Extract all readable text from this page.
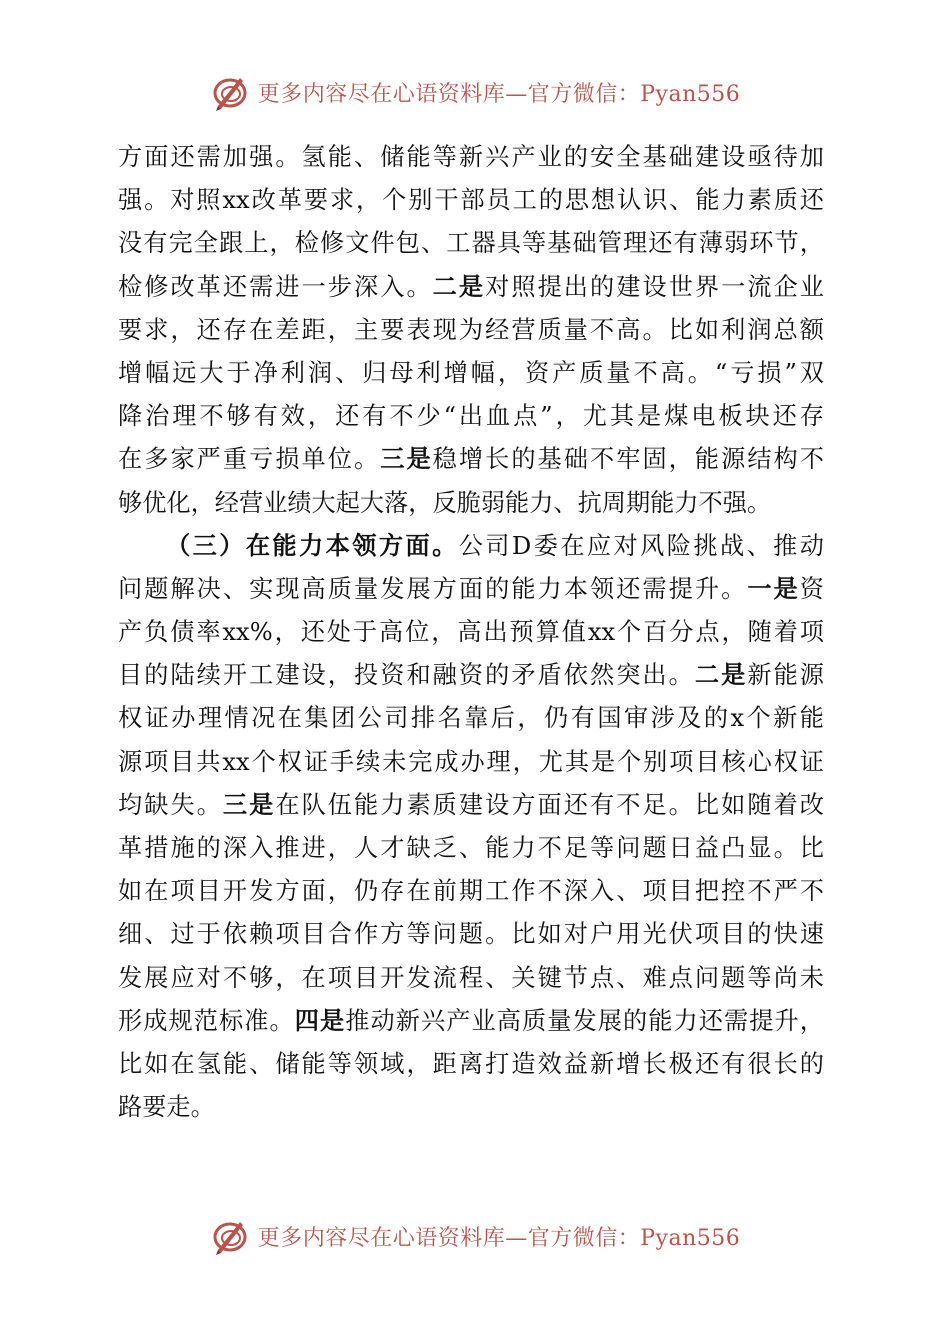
更多内容尽在心语资料库—官方微信：Pyan556
方面还需加强。氢能、储能等新兴产业的安全基础建设亟待加
强。对照xx改革要求，个别干部员工的思想认识、能力素质还
没有完全跟上，检修文件包、工器具等基础管理还有薄弱环节，
检修改革还需进一步深入。二是对照提出的建设世界一流企业
要求，还存在差距，主要表现为经营质量不高。比如利润总额
增幅远大于净利润、归母利增幅，资产质量不高。“亏损”双
降治理不够有效，还有不少“出血点”，尤其是煤电板块还存
在多家严重亏损单位。三是稳增长的基础不牢固，能源结构不
够优化，经营业绩大起大落，反脆弱能力、抗周期能力不强。
（三）在能力本领方面。公司D委在应对风险挑战、推动
问题解决、实现高质量发展方面的能力本领还需提升。一是资
产负债率xx%，还处于高位，高出预算值xx个百分点，随着项
目的陆续开工建设，投资和融资的矛盾依然突出。二是新能源
权证办理情况在集团公司排名靠后，仍有国审涉及的x个新能
源项目共xx个权证手续未完成办理，尤其是个别项目核心权证
均缺失。三是在队伍能力素质建设方面还有不足。比如随着改
革措施的深入推进，人才缺乏、能力不足等问题日益凸显。比
如在项目开发方面，仍存在前期工作不深入、项目把控不严不
细、过于依赖项目合作方等问题。比如对户用光伏项目的快速
发展应对不够，在项目开发流程、关键节点、难点问题等尚未
形成规范标准。四是推动新兴产业高质量发展的能力还需提升，
比如在氢能、储能等领域，距离打造效益新增长极还有很长的
路要走。
更多内容尽在心语资料库—官方微信：Pyan556
